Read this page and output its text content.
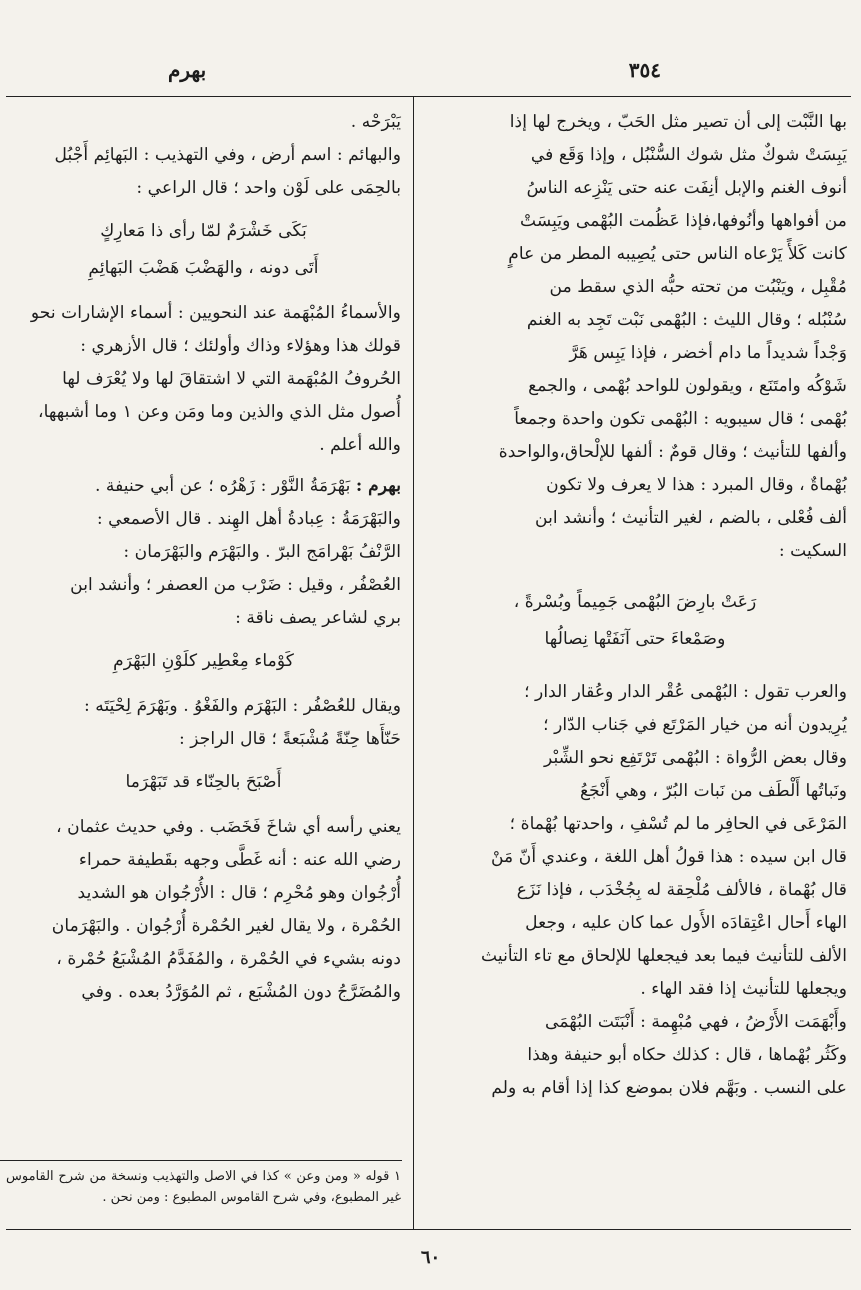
٣٥٤
بهرم

بها النَّبْت إلى أن تصير مثل الحَبّ ، ويخرج لها إذا

يَبِسَتْ شوكٌ مثل شوك السُّنْبُل ، وإذا وَقَع في

أنوف الغنم والإبل أنِفَت عنه حتى يَنْزِعه الناسُ

من أفواهها وأنُوفها،فإذا عَظُمت البُهْمى ويَبِسَتْ

كانت كَلأً يَرْعاه الناس حتى يُصِيبه المطر من عامٍ

مُقْبِل ، ويَنْبُت من تحته حبُّه الذي سقط من

سُنْبُله ؛ وقال الليث : البُهْمى نَبْت تَجِد به الغنم

وَجْداً شديداً ما دام أخضر ، فإذا يَبِس هَرَّ

شَوْكُه وامتَنَع ، ويقولون للواحد بُهْمى ، والجمع

بُهْمى ؛ قال سيبويه : البُهْمى تكون واحدة وجمعاً

وألفها للتأنيث ؛ وقال قومٌ : ألفها للإلْحاق،والواحدة

بُهْماةٌ ، وقال المبرد : هذا لا يعرف ولا تكون

ألف فُعْلى ، بالضم ، لغير التأنيث ؛ وأنشد ابن

السكيت :

رَعَتْ بارِضَ البُهْمى جَمِيماً وبُسْرةً ،

وصَمْعاءَ حتى آنَفَتْها نِصالُها

والعرب تقول : البُهْمى عُقْر الدار وعُقار الدار ؛

يُرِيدون أنه من خيار المَرْتَع في جَناب الدّار ؛

وقال بعض الرُّواة : البُهْمى تَرْتَفِع نحو الشِّبْر

ونَباتُها أَلْطَف من نَبات البُرّ ، وهي أَنْجَعُ

المَرْعَى في الحافِر ما لم تُسْفِ ، واحدتها بُهْماة ؛

قال ابن سيده : هذا قولُ أهل اللغة ، وعندي أَنّ مَنْ

قال بُهْماة ، فالألف مُلْحِقة له بِجُخْدَب ، فإذا نَزَع

الهاء أَحال اعْتِقادَه الأَول عما كان عليه ، وجعل

الألف للتأنيث فيما بعد فيجعلها للإلحاق مع تاء التأنيث

ويجعلها للتأنيث إذا فقد الهاء .

وأَبْهَمَت الأَرْضُ ، فهي مُبْهِمة : أَنْبَتَت البُهْمَى

وكَثُر بُهْماها ، قال : كذلك حكاه أبو حنيفة وهذا

على النسب . وبَهَّم فلان بموضع كذا إذا أقام به ولم

يَبْرَحْه .

والبهائم : اسم أرض ، وفي التهذيب : البَهائِم أَجْبُل

بالحِمَى على لَوْن واحد ؛ قال الراعي :

بَكَى خَشْرَمٌ لمّا رأى ذا مَعارِكٍ

أَتَى دونه ، والهَضْبَ هَضْبَ البَهائِمِ

والأسماءُ المُبْهَمة عند النحويين : أسماء الإشارات نحو

قولك هذا وهؤلاء وذاك وأولئك ؛ قال الأزهري :

الحُروفُ المُبْهَمة التي لا اشتقاقَ لها ولا يُعْرَف لها

أُصول مثل الذي والذين وما ومَن وعن ١ وما أشبهها،

والله أعلم .

بهرم : بَهْرَمَةُ النَّوْر : زَهْرُه ؛ عن أبي حنيفة .

والبَهْرَمَةُ : عِبادةُ أهل الهِند . قال الأصمعي :

الرَّنْفُ بَهْرامَج البرّ . والبَهْرَم والبَهْرَمان :

العُصْفُر ، وقيل : ضَرْب من العصفر ؛ وأنشد ابن

بري لشاعر يصف ناقة :

كَوْماء مِعْطِير كلَوْنِ البَهْرَمِ

ويقال للعُصْفُر : البَهْرَم والفَغْوُ . وبَهْرَمَ لِحْيَتَه :

حَنّأَها حِنّةً مُشْبَعةً ؛ قال الراجز :

أَصْبَحَ بالحِنّاء قد تَبَهْرَما

يعني رأسه أي شاخَ فَخَضَب . وفي حديث عثمان ،

رضي الله عنه : أنه غَطَّى وجهه بقَطيفة حمراء

أُرْجُوان وهو مُحْرِم ؛ قال : الأُرْجُوان هو الشديد

الحُمْرة ، ولا يقال لغير الحُمْرة أُرْجُوان . والبَهْرَمان

دونه بشيء في الحُمْرة ، والمُفَدَّمُ المُشْبَعُ حُمْرة ،

والمُضَرَّجُ دون المُشْبَع ، ثم المُوَرَّدُ بعده . وفي

١ قوله « ومن وعن » كذا في الاصل والتهذيب ونسخة من شرح القاموس غير المطبوع، وفي شرح القاموس المطبوع : ومن نحن .
٦٠
